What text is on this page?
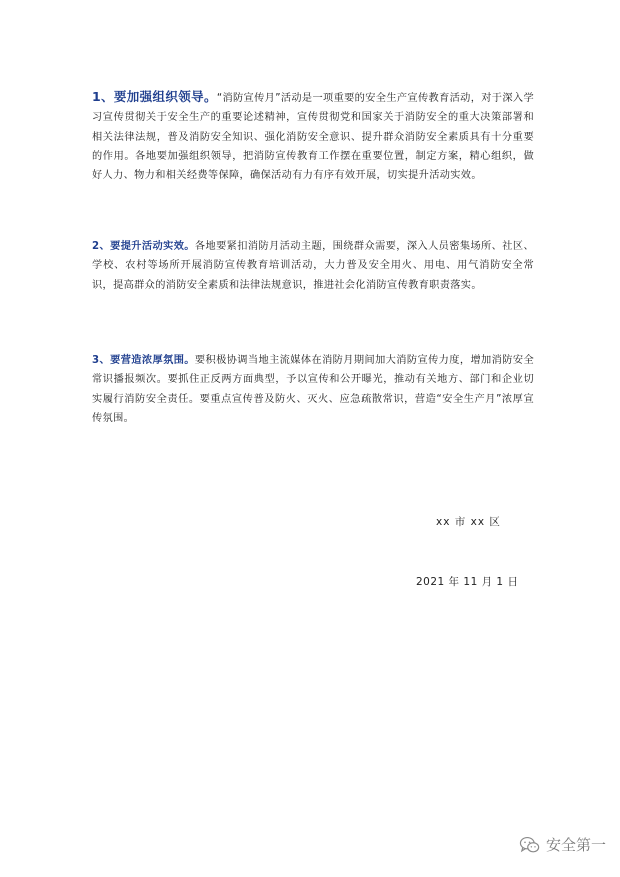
1、要加强组织领导。“消防宣传月”活动是一项重要的安全生产宣传教育活动，对于深入学习宣传贯彻关于安全生产的重要论述精神，宣传贯彻党和国家关于消防安全的重大决策部署和相关法律法规，普及消防安全知识、强化消防安全意识、提升群众消防安全素质具有十分重要的作用。各地要加强组织领导，把消防宣传教育工作摆在重要位置，制定方案，精心组织，做好人力、物力和相关经费等保障，确保活动有力有序有效开展，切实提升活动实效。

2、要提升活动实效。各地要紧扣消防月活动主题，围绕群众需要，深入人员密集场所、社区、学校、农村等场所开展消防宣传教育培训活动，大力普及安全用火、用电、用气消防安全常识，提高群众的消防安全素质和法律法规意识，推进社会化消防宣传教育职责落实。

3、要营造浓厚氛围。要积极协调当地主流媒体在消防月期间加大消防宣传力度，增加消防安全常识播报频次。要抓住正反两方面典型，予以宣传和公开曝光，推动有关地方、部门和企业切实履行消防安全责任。要重点宣传普及防火、灭火、应急疏散常识，营造“安全生产月”浓厚宣传氛围。

xx 市 xx 区
2021 年 11 月 1 日
安全第一
